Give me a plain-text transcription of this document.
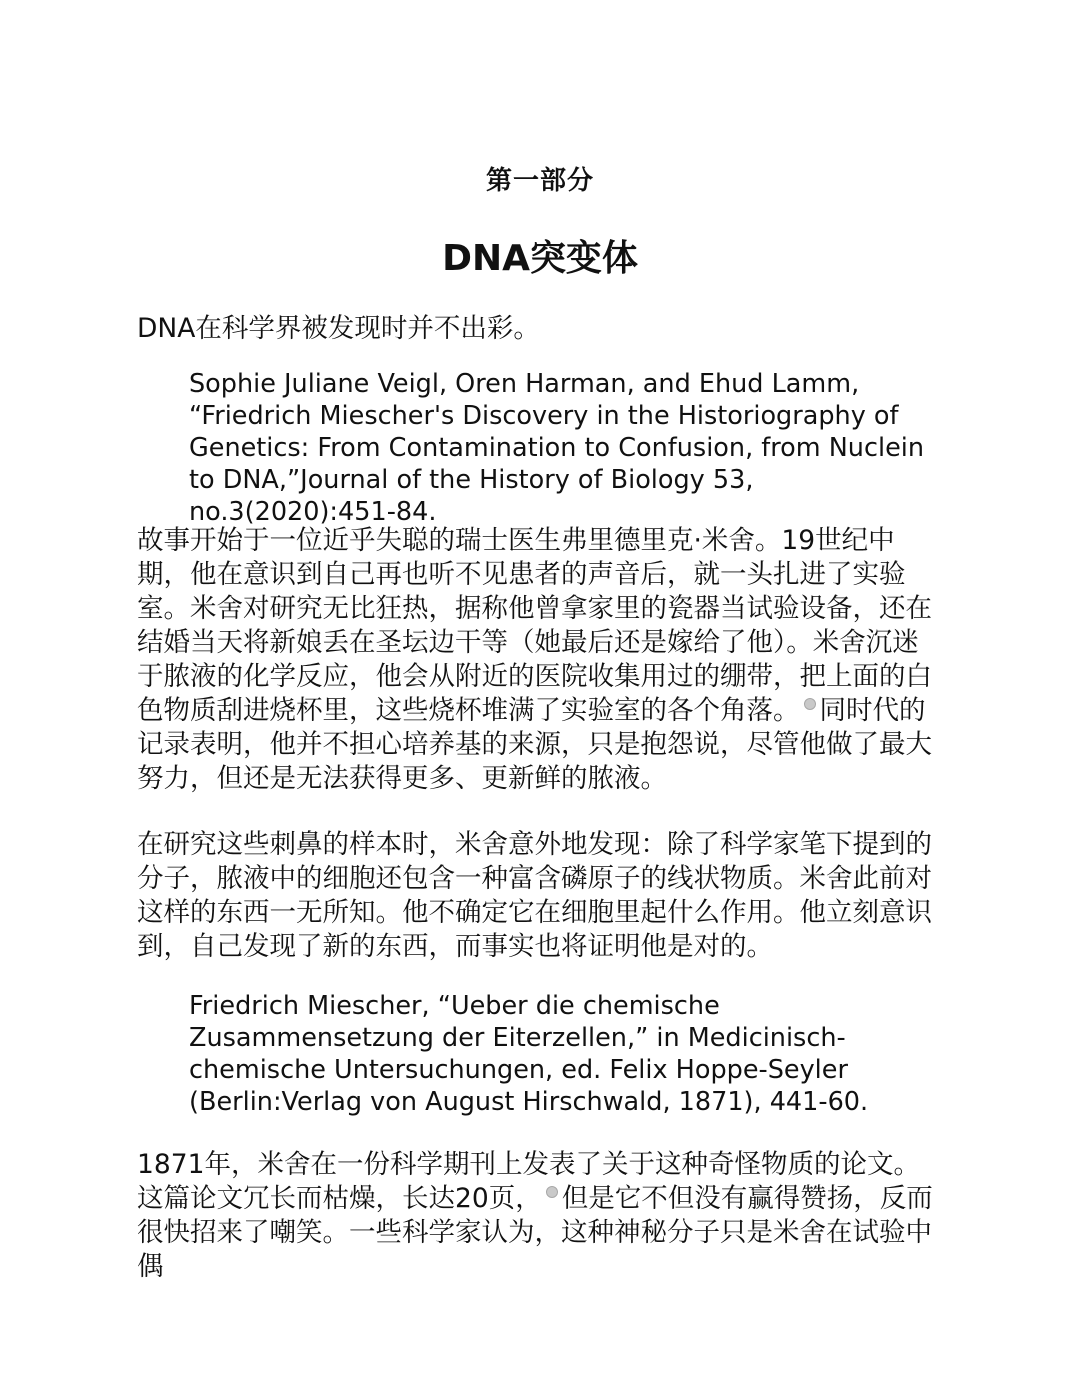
第一部分
DNA突变体

DNA在科学界被发现时并不出彩。

Sophie Juliane Veigl, Oren Harman, and Ehud Lamm, “Friedrich Miescher's Discovery in the Historiography of Genetics: From Contamination to Confusion, from Nuclein to DNA,”Journal of the History of Biology 53, no.3(2020):451-84.

故事开始于一位近乎失聪的瑞士医生弗里德里克·米舍。19世纪中期，他在意识到自己再也听不见患者的声音后，就一头扎进了实验室。米舍对研究无比狂热，据称他曾拿家里的瓷器当试验设备，还在结婚当天将新娘丢在圣坛边干等（她最后还是嫁给了他）。米舍沉迷于脓液的化学反应，他会从附近的医院收集用过的绷带，把上面的白色物质刮进烧杯里，这些烧杯堆满了实验室的各个角落。 同时代的记录表明，他并不担心培养基的来源，只是抱怨说，尽管他做了最大努力，但还是无法获得更多、更新鲜的脓液。

在研究这些刺鼻的样本时，米舍意外地发现：除了科学家笔下提到的分子，脓液中的细胞还包含一种富含磷原子的线状物质。米舍此前对这样的东西一无所知。他不确定它在细胞里起什么作用。他立刻意识到，自己发现了新的东西，而事实也将证明他是对的。

Friedrich Miescher, “Ueber die chemische Zusammensetzung der Eiterzellen,” in Medicinisch-chemische Untersuchungen, ed. Felix Hoppe-Seyler (Berlin:Verlag von August Hirschwald, 1871), 441-60.

1871年，米舍在一份科学期刊上发表了关于这种奇怪物质的论文。这篇论文冗长而枯燥，长达20页， 但是它不但没有赢得赞扬，反而很快招来了嘲笑。一些科学家认为，这种神秘分子只是米舍在试验中偶
